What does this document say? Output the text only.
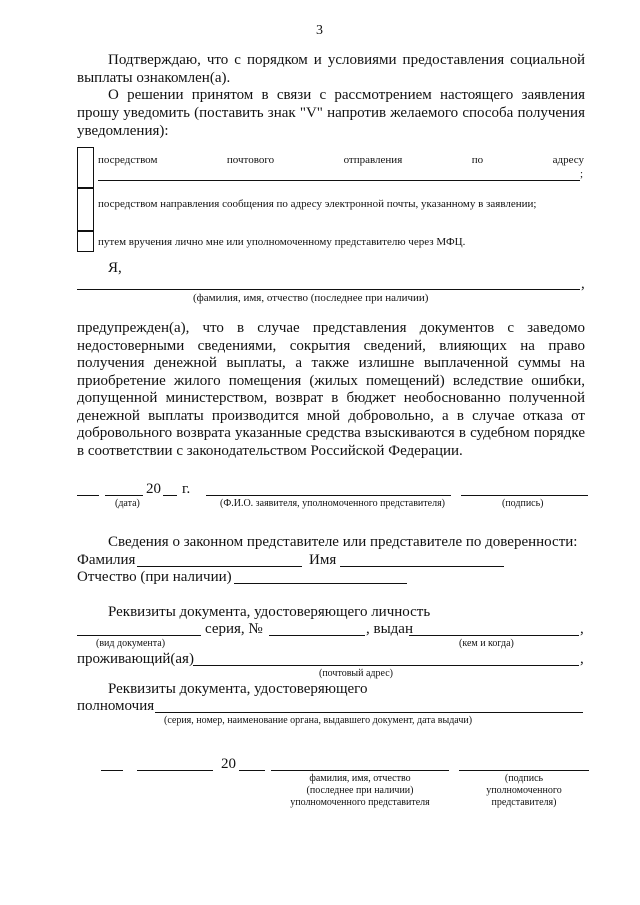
3
Подтверждаю, что с порядком и условиями предоставления социальной выплаты ознакомлен(а).
О решении принятом в связи с рассмотрением настоящего заявления прошу уведомить (поставить знак "V" напротив желаемого способа получения уведомления):
посредством	почтового	отправления	по	адресу
;
посредством направления сообщения по адресу электронной почты, указанному в заявлении;
путем вручения лично мне или уполномоченному представителю через МФЦ.
Я,
,
(фамилия, имя, отчество (последнее при наличии)
предупрежден(а), что в случае представления документов с заведомо недостоверными сведениями, сокрытия сведений, влияющих на право получения денежной выплаты, а также излишне выплаченной суммы на приобретение жилого помещения (жилых помещений) вследствие ошибки, допущенной министерством, возврат в бюджет необоснованно полученной денежной выплаты производится мной добровольно, а в случае отказа от добровольного возврата указанные средства взыскиваются в судебном порядке в соответствии с законодательством Российской Федерации.
20 г.
(дата)	(Ф.И.О. заявителя, уполномоченного представителя)	(подпись)
Сведения о законном представителе или представителе по доверенности:
Фамилия	Имя
Отчество (при наличии)
Реквизиты документа, удостоверяющего личность
серия, №	, выдан	,
(вид документа)	(кем и когда)
проживающий(ая)	,
(почтовый адрес)
Реквизиты документа, удостоверяющего
полномочия
(серия, номер, наименование органа, выдавшего документ, дата выдачи)
20
фамилия, имя, отчество
(последнее при наличии)
уполномоченного представителя
(подпись
уполномоченного
представителя)
